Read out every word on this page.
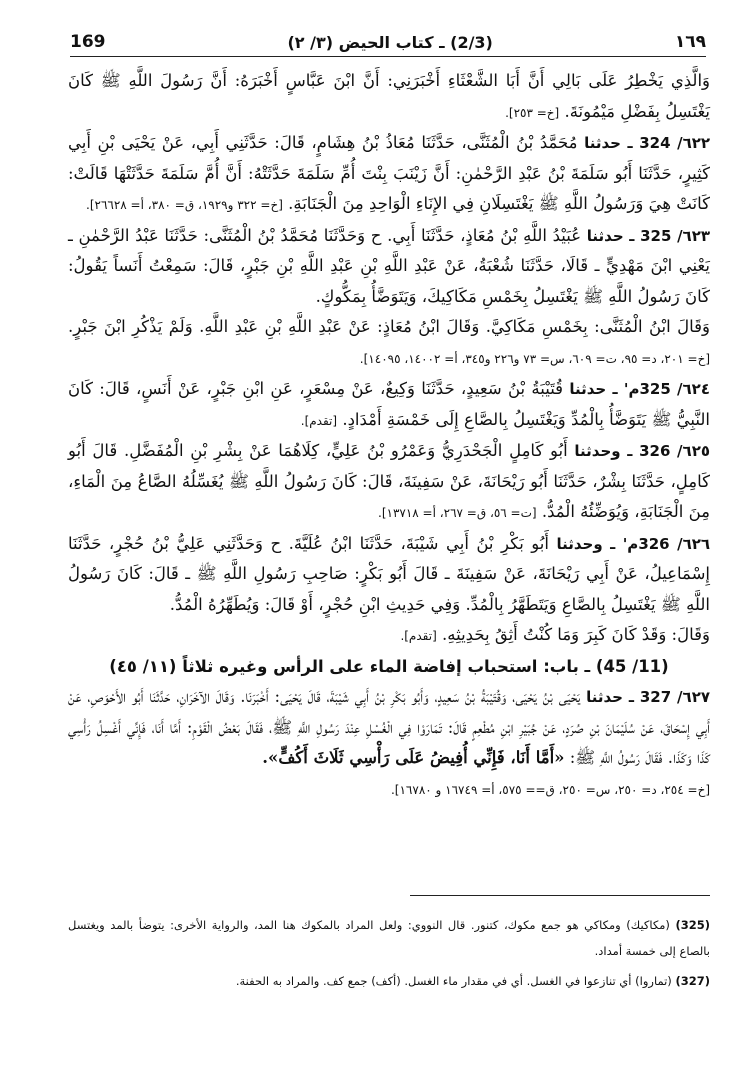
169	(2/3) ـ كتاب الحيض (٣/ ٢)	١٦٩

وَالَّذِي يَخْطِرُ عَلَى بَالِي أَنَّ أَبَا الشَّعْثَاءِ أَخْبَرَنِي: أَنَّ ابْنَ عَبَّاسٍ أَخْبَرَهُ: أَنَّ رَسُولَ اللَّهِ ﷺ كَانَ يَغْتَسِلُ بِفَضْلِ مَيْمُونَةَ. [خ= ٢٥٣].

٦٢٢/ 324 ـ حدثنا مُحَمَّدُ بْنُ الْمُثَنَّى، حَدَّثَنَا مُعَاذُ بْنُ هِشَامٍ، قَالَ: حَدَّثَنِي أَبِي، عَنْ يَحْيَى بْنِ أَبِي كَثِيرٍ، حَدَّثَنَا أَبُو سَلَمَةَ بْنُ عَبْدِ الرَّحْمٰنِ: أَنَّ زَيْنَبَ بِنْتَ أُمِّ سَلَمَةَ حَدَّثَتْهُ: أَنَّ أُمَّ سَلَمَةَ حَدَّثَتْهَا قَالَتْ: كَانَتْ هِيَ وَرَسُولُ اللَّهِ ﷺ يَغْتَسِلَانِ فِي الإِنَاءِ الْوَاحِدِ مِنَ الْجَنَابَةِ. [خ= ٣٢٢ و١٩٢٩، ق= ٣٨٠، أ= ٢٦٦٢٨].

٦٢٣/ 325 ـ حدثنا عُبَيْدُ اللَّهِ بْنُ مُعَاذٍ، حَدَّثَنَا أَبِي. ح وَحَدَّثَنَا مُحَمَّدُ بْنُ الْمُثَنَّى: حَدَّثَنَا عَبْدُ الرَّحْمٰنِ ـ يَعْنِي ابْنَ مَهْدِيٍّ ـ قَالَا، حَدَّثَنَا شُعْبَةُ، عَنْ عَبْدِ اللَّهِ بْنِ عَبْدِ اللَّهِ بْنِ جَبْرٍ، قَالَ: سَمِعْتُ أَنَساً يَقُولُ: كَانَ رَسُولُ اللَّهِ ﷺ يَغْتَسِلُ بِخَمْسِ مَكَاكِيكَ، وَيَتَوَضَّأُ بِمَكُّوكٍ.

وَقَالَ ابْنُ الْمُثَنَّى: بِخَمْسِ مَكَاكِيَّ. وَقَالَ ابْنُ مُعَاذٍ: عَنْ عَبْدِ اللَّهِ بْنِ عَبْدِ اللَّهِ. وَلَمْ يَذْكُرِ ابْنَ جَبْرٍ. [خ= ٢٠١، د= ٩٥، ت= ٦٠٩، س= ٧٣ و٢٢٦ و٣٤٥، أ= ١٤٠٠٢، ١٤٠٩٥].

٦٢٤/ 325م' ـ حدثنا قُتَيْبَةُ بْنُ سَعِيدٍ، حَدَّثَنَا وَكِيعٌ، عَنْ مِسْعَرٍ، عَنِ ابْنِ جَبْرٍ، عَنْ أَنَسٍ، قَالَ: كَانَ النَّبِيُّ ﷺ يَتَوَضَّأُ بِالْمُدِّ وَيَغْتَسِلُ بِالصَّاعِ إِلَى خَمْسَةِ أَمْدَادٍ. [تقدم].

٦٢٥/ 326 ـ وحدثنا أَبُو كَامِلٍ الْجَحْدَرِيُّ وَعَمْرُو بْنُ عَلِيٍّ، كِلَاهُمَا عَنْ بِشْرِ بْنِ الْمُفَضَّلِ. قَالَ أَبُو كَامِلٍ، حَدَّثَنَا بِشْرٌ، حَدَّثَنَا أَبُو رَيْحَانَةَ، عَنْ سَفِينَةَ، قَالَ: كَانَ رَسُولُ اللَّهِ ﷺ يُغَسِّلُهُ الصَّاعُ مِنَ الْمَاءِ، مِنَ الْجَنَابَةِ، وَيُوَضِّئُهُ الْمُدُّ. [ت= ٥٦، ق= ٢٦٧، أ= ١٣٧١٨].

٦٢٦/ 326م' ـ وحدثنا أَبُو بَكْرِ بْنُ أَبِي شَيْبَةَ، حَدَّثَنَا ابْنُ عُلَيَّةَ. ح وَحَدَّثَنِي عَلِيُّ بْنُ حُجْرٍ، حَدَّثَنَا إِسْمَاعِيلُ، عَنْ أَبِي رَيْحَانَةَ، عَنْ سَفِينَةَ ـ قَالَ أَبُو بَكْرٍ: صَاحِبِ رَسُولِ اللَّهِ ﷺ ـ قَالَ: كَانَ رَسُولُ اللَّهِ ﷺ يَغْتَسِلُ بِالصَّاعِ وَيَتَطَهَّرُ بِالْمُدِّ. وَفِي حَدِيثِ ابْنِ حُجْرٍ، أَوْ قَالَ: وَيُطَهِّرُهُ الْمُدُّ.

وَقَالَ: وَقَدْ كَانَ كَبِرَ وَمَا كُنْتُ أَثِقُ بِحَدِيثِهِ. [تقدم].

(11/ 45) ـ باب: استحباب إفاضة الماء على الرأس وغيره ثلاثاً (١١/ ٤٥)

٦٢٧/ 327 ـ حدثنا يَحْيَى بْنُ يَحْيَى، وَقُتَيْبَةُ بْنُ سَعِيدٍ، وَأَبُو بَكْرِ بْنُ أَبِي شَيْبَةَ، قَالَ يَحْيَى: أَخْبَرَنَا. وَقَالَ الآخَرَانِ، حَدَّثَنَا أَبُو الأَحْوَصِ، عَنْ أَبِي إِسْحَاقَ، عَنْ سُلَيْمَانَ بْنِ صُرَدٍ، عَنْ جُبَيْرِ ابْنِ مُطْعِمٍ قَالَ: تَمَارَوْا فِي الْغُسْلِ عِنْدَ رَسُولِ اللَّهِ ﷺ، فَقَالَ بَعْضُ الْقَوْمِ: أَمَّا أَنَا، فَإِنِّي أَغْسِلُ رَأْسِي كَذَا وَكَذَا. فَقَالَ رَسُولُ اللَّهِ ﷺ: «أَمَّا أَنَا، فَإِنِّي أُفِيضُ عَلَى رَأْسِي ثَلَاثَ أَكُفٍّ».

[خ= ٢٥٤، د= ٢٥٠، س= ٢٥٠، ق== ٥٧٥، أ= ١٦٧٤٩ و ١٦٧٨٠].

(325) (مكاكيك) ومكاكي هو جمع مكوك، كتنور. قال النووي: ولعل المراد بالمكوك هنا المد، والرواية الأخرى: يتوضأ بالمد ويغتسل بالصاع إلى خمسة أمداد.

(327) (تماروا) أي تنازعوا في الغسل. أي في مقدار ماء الغسل. (أكف) جمع كف. والمراد به الحفنة.
